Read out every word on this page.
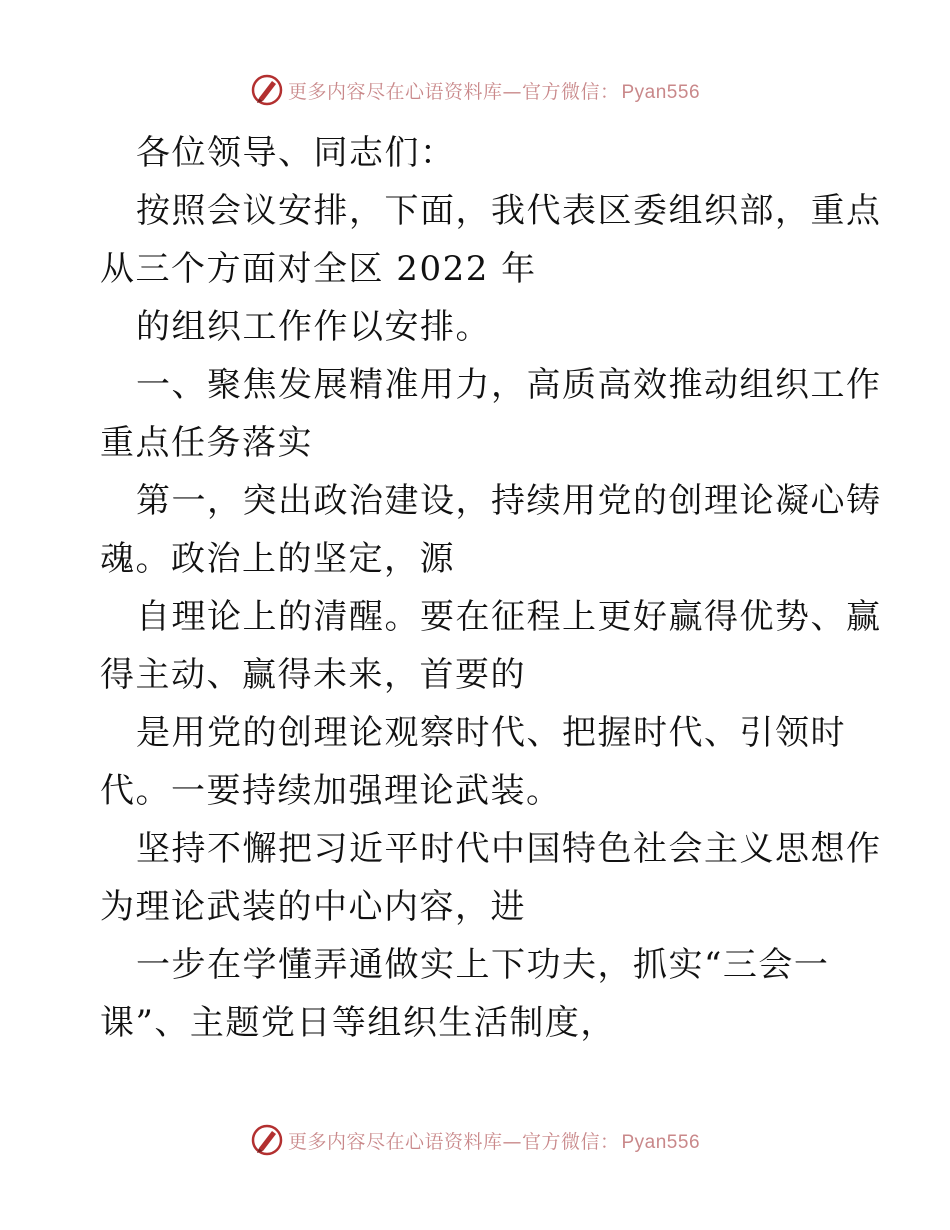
更多内容尽在心语资料库—官方微信： Pyan556
各位领导、同志们：
按照会议安排，下面，我代表区委组织部，重点
从三个方面对全区 2022 年
的组织工作作以安排。
一、聚焦发展精准用力，高质高效推动组织工作
重点任务落实
第一，突出政治建设，持续用党的创理论凝心铸
魂。政治上的坚定，源
自理论上的清醒。要在征程上更好赢得优势、赢
得主动、赢得未来，首要的
是用党的创理论观察时代、把握时代、引领时
代。一要持续加强理论武装。
坚持不懈把习近平时代中国特色社会主义思想作
为理论武装的中心内容，进
一步在学懂弄通做实上下功夫，抓实“三会一
课”、主题党日等组织生活制度，
更多内容尽在心语资料库—官方微信： Pyan556
